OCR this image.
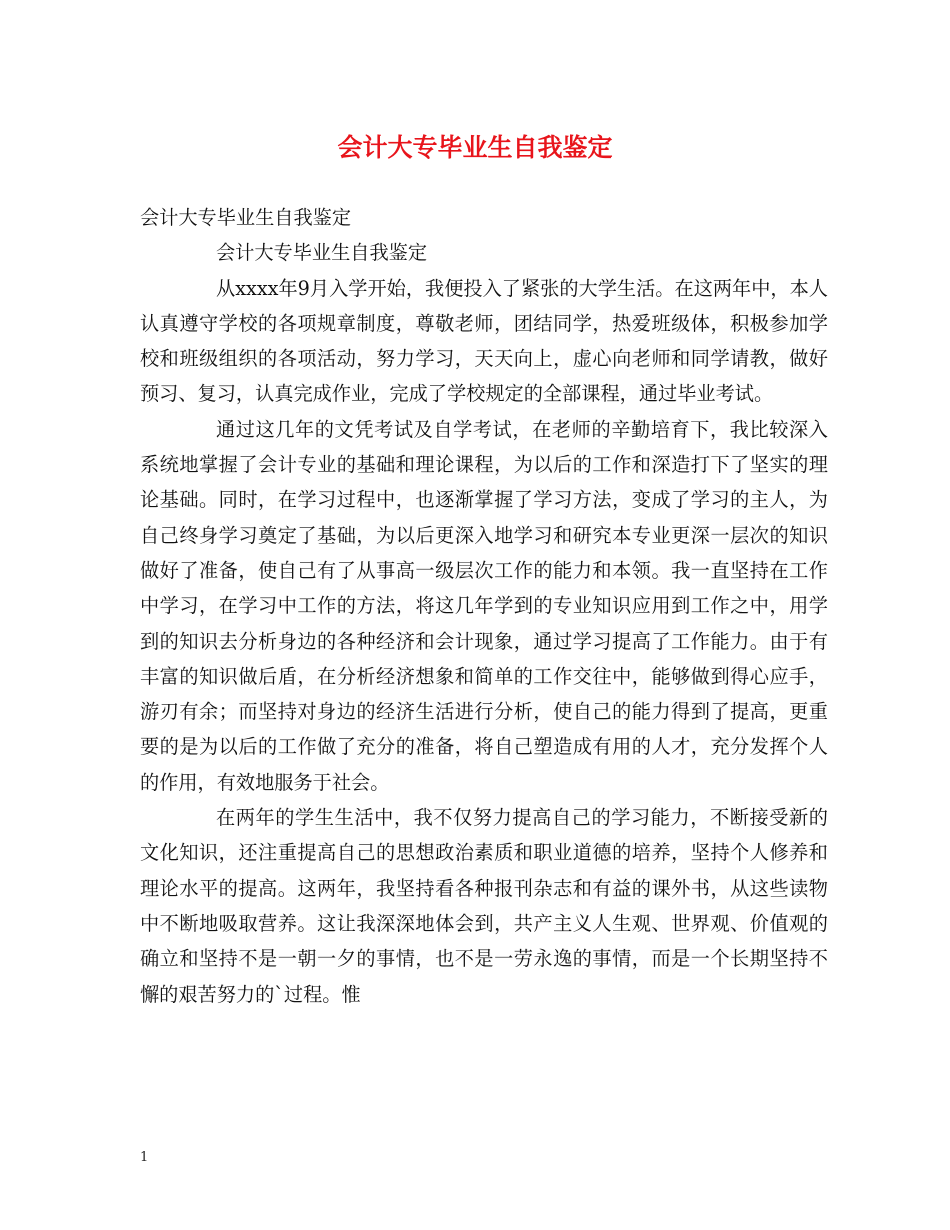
会计大专毕业生自我鉴定

会计大专毕业生自我鉴定

会计大专毕业生自我鉴定

从xxxx年9月入学开始，我便投入了紧张的大学生活。在这两年中，本人认真遵守学校的各项规章制度，尊敬老师，团结同学，热爱班级体，积极参加学校和班级组织的各项活动，努力学习，天天向上，虚心向老师和同学请教，做好预习、复习，认真完成作业，完成了学校规定的全部课程，通过毕业考试。

通过这几年的文凭考试及自学考试，在老师的辛勤培育下，我比较深入系统地掌握了会计专业的基础和理论课程，为以后的工作和深造打下了坚实的理论基础。同时，在学习过程中，也逐渐掌握了学习方法，变成了学习的主人，为自己终身学习奠定了基础，为以后更深入地学习和研究本专业更深一层次的知识做好了准备，使自己有了从事高一级层次工作的能力和本领。我一直坚持在工作中学习，在学习中工作的方法，将这几年学到的专业知识应用到工作之中，用学到的知识去分析身边的各种经济和会计现象，通过学习提高了工作能力。由于有丰富的知识做后盾，在分析经济想象和简单的工作交往中，能够做到得心应手，游刃有余；而坚持对身边的经济生活进行分析，使自己的能力得到了提高，更重要的是为以后的工作做了充分的准备，将自己塑造成有用的人才，充分发挥个人的作用，有效地服务于社会。

在两年的学生生活中，我不仅努力提高自己的学习能力，不断接受新的文化知识，还注重提高自己的思想政治素质和职业道德的培养，坚持个人修养和理论水平的提高。这两年，我坚持看各种报刊杂志和有益的课外书，从这些读物中不断地吸取营养。这让我深深地体会到，共产主义人生观、世界观、价值观的确立和坚持不是一朝一夕的事情，也不是一劳永逸的事情，而是一个长期坚持不懈的艰苦努力的`过程。惟

1
